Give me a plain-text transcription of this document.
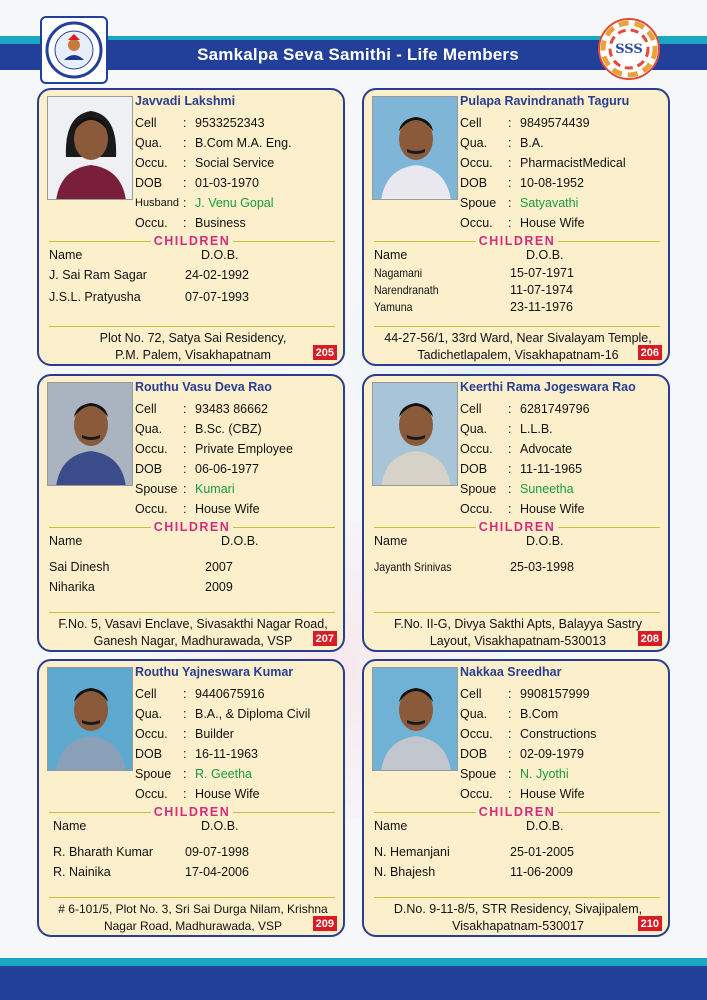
Samkalpa Seva Samithi - Life Members	SSS
Javvadi Lakshmi
Cell	: 9533252343
Qua.	: B.Com M.A. Eng.
Occu.	: Social Service
DOB	: 01-03-1970
Husband : J. Venu Gopal
Occu.	: Business
CHILDREN
Name	D.O.B.
J. Sai Ram Sagar	24-02-1992
J.S.L. Pratyusha	07-07-1993
Plot No. 72, Satya Sai Residency,
P.M. Palem, Visakhapatnam	205
Pulapa Ravindranath Taguru
Cell	: 9849574439
Qua.	: B.A.
Occu.	: PharmacistMedical
DOB	: 10-08-1952
Spoue : Satyavathi
Occu.	: House Wife
CHILDREN
Name	D.O.B.
Nagamani	15-07-1971
Narendranath	11-07-1974
Yamuna	23-11-1976
44-27-56/1, 33rd Ward, Near Sivalayam Temple,
Tadichetlapalem, Visakhapatnam-16	206
Routhu Vasu Deva Rao
Cell	: 93483 86662
Qua.	: B.Sc. (CBZ)
Occu.	: Private Employee
DOB	: 06-06-1977
Spouse : Kumari
Occu.	: House Wife
CHILDREN
Name	D.O.B.
Sai Dinesh	2007
Niharika	2009
F.No. 5, Vasavi Enclave, Sivasakthi Nagar Road,
Ganesh Nagar, Madhurawada, VSP	207
Keerthi Rama Jogeswara Rao
Cell	: 6281749796
Qua.	: L.L.B.
Occu.	: Advocate
DOB	: 11-11-1965
Spoue : Suneetha
Occu.	: House Wife
CHILDREN
Name	D.O.B.
Jayanth Srinivas	25-03-1998
F.No. II-G, Divya Sakthi Apts, Balayya Sastry
Layout, Visakhapatnam-530013	208
Routhu Yajneswara Kumar
Cell	: 9440675916
Qua.	: B.A., & Diploma Civil
Occu.	: Builder
DOB	: 16-11-1963
Spoue : R. Geetha
Occu.	: House Wife
CHILDREN
Name	D.O.B.
R. Bharath Kumar	09-07-1998
R. Nainika	17-04-2006
# 6-101/5, Plot No. 3, Sri Sai Durga Nilam, Krishna
Nagar Road, Madhurawada, VSP	209
Nakkaa Sreedhar
Cell	: 9908157999
Qua.	: B.Com
Occu.	: Constructions
DOB	: 02-09-1979
Spoue : N. Jyothi
Occu.	: House Wife
CHILDREN
Name	D.O.B.
N. Hemanjani	25-01-2005
N. Bhajesh	11-06-2009
D.No. 9-11-8/5, STR Residency, Sivajipalem,
Visakhapatnam-530017	210
